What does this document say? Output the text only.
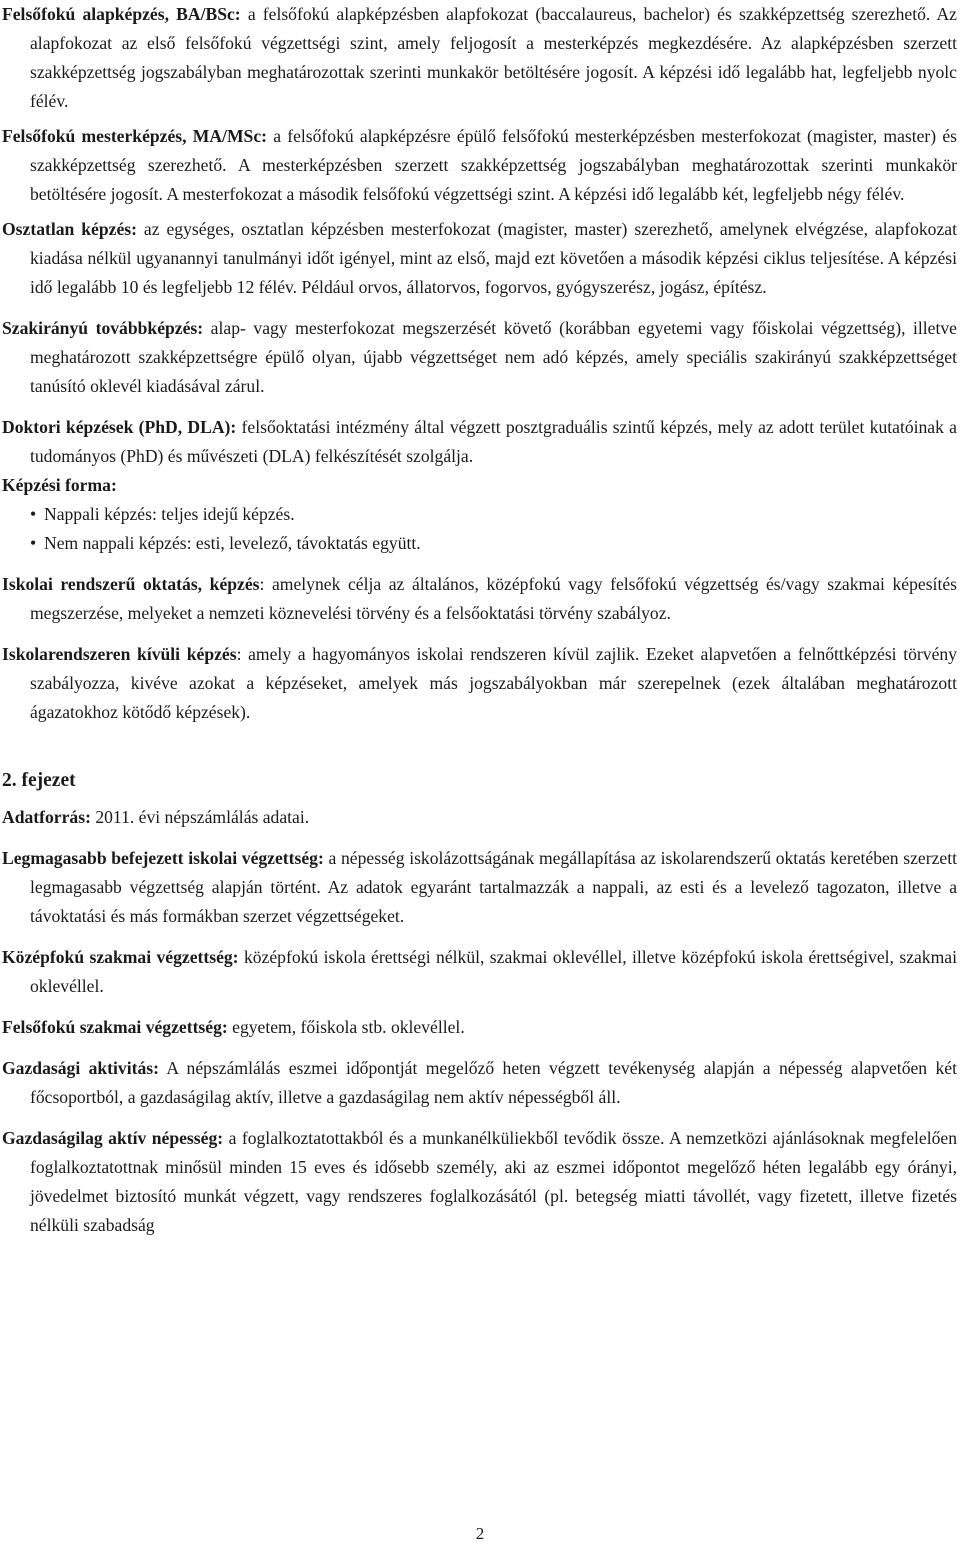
Felsőfokú alapképzés, BA/BSc: a felsőfokú alapképzésben alapfokozat (baccalaureus, bachelor) és szakképzettség szerezhető. Az alapfokozat az első felsőfokú végzettségi szint, amely feljogosít a mesterképzés megkezdésére. Az alapképzésben szerzett szakképzettség jogszabályban meghatározottak szerinti munkakör betöltésére jogosít. A képzési idő legalább hat, legfeljebb nyolc félév.

Felsőfokú mesterképzés, MA/MSc: a felsőfokú alapképzésre épülő felsőfokú mesterképzésben mesterfokozat (magister, master) és szakképzettség szerezhető. A mesterképzésben szerzett szakképzettség jogszabályban meghatározottak szerinti munkakör betöltésére jogosít. A mesterfokozat a második felsőfokú végzettségi szint. A képzési idő legalább két, legfeljebb négy félév.

Osztatlan képzés: az egységes, osztatlan képzésben mesterfokozat (magister, master) szerezhető, amelynek elvégzése, alapfokozat kiadása nélkül ugyanannyi tanulmányi időt igényel, mint az első, majd ezt követően a második képzési ciklus teljesítése. A képzési idő legalább 10 és legfeljebb 12 félév. Például orvos, állatorvos, fogorvos, gyógyszerész, jogász, építész.

Szakirányú továbbképzés: alap- vagy mesterfokozat megszerzését követő (korábban egyetemi vagy főiskolai végzettség), illetve meghatározott szakképzettségre épülő olyan, újabb végzettséget nem adó képzés, amely speciális szakirányú szakképzettséget tanúsító oklevél kiadásával zárul.

Doktori képzések (PhD, DLA): felsőoktatási intézmény által végzett posztgraduális szintű képzés, mely az adott terület kutatóinak a tudományos (PhD) és művészeti (DLA) felkészítését szolgálja.

Képzési forma:

• Nappali képzés: teljes idejű képzés.
• Nem nappali képzés: esti, levelező, távoktatás együtt.

Iskolai rendszerű oktatás, képzés: amelynek célja az általános, középfokú vagy felsőfokú végzettség és/vagy szakmai képesítés megszerzése, melyeket a nemzeti köznevelési törvény és a felsőoktatási törvény szabályoz.

Iskolarendszeren kívüli képzés: amely a hagyományos iskolai rendszeren kívül zajlik. Ezeket alapvetően a felnőttképzési törvény szabályozza, kivéve azokat a képzéseket, amelyek más jogszabályokban már szerepelnek (ezek általában meghatározott ágazatokhoz kötődő képzések).

2. fejezet

Adatforrás: 2011. évi népszámlálás adatai.

Legmagasabb befejezett iskolai végzettség: a népesség iskolázottságának megállapítása az iskolarendszerű oktatás keretében szerzett legmagasabb végzettség alapján történt. Az adatok egyaránt tartalmazzák a nappali, az esti és a levelező tagozaton, illetve a távoktatási és más formákban szerzet végzettségeket.

Középfokú szakmai végzettség: középfokú iskola érettségi nélkül, szakmai oklevéllel, illetve középfokú iskola érettségivel, szakmai oklevéllel.

Felsőfokú szakmai végzettség: egyetem, főiskola stb. oklevéllel.

Gazdasági aktivitás: A népszámlálás eszmei időpontját megelőző heten végzett tevékenység alapján a népesség alapvetően két főcsoportból, a gazdaságilag aktív, illetve a gazdaságilag nem aktív népességből áll.

Gazdaságilag aktív népesség: a foglalkoztatottakból és a munkanélküliekből tevődik össze. A nemzetközi ajánlásoknak megfelelően foglalkoztatottnak minősül minden 15 eves és idősebb személy, aki az eszmei időpontot megelőző héten legalább egy órányi, jövedelmet biztosító munkát végzett, vagy rendszeres foglalkozásától (pl. betegség miatti távollét, vagy fizetett, illetve fizetés nélküli szabadság

2
